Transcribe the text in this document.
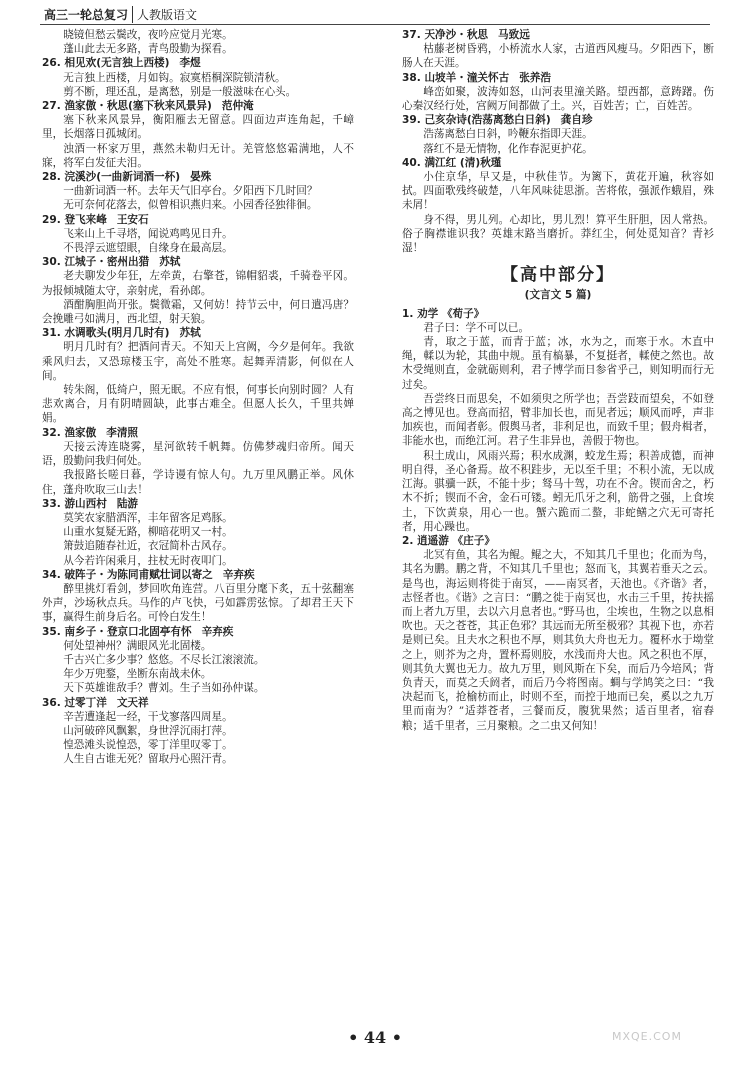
高三一轮总复习 人教版语文

晓镜但愁云鬓改，夜吟应觉月光寒。

蓬山此去无多路，青鸟殷勤为探看。

26. 相见欢(无言独上西楼) 李煜

无言独上西楼，月如钩。寂寞梧桐深院锁清秋。

剪不断，理还乱，是离愁，别是一般滋味在心头。

27. 渔家傲・秋思(塞下秋来风景异) 范仲淹

塞下秋来风景异，衡阳雁去无留意。四面边声连角起，千嶂里，长烟落日孤城闭。

浊酒一杯家万里，燕然未勒归无计。羌管悠悠霜满地，人不寐，将军白发征夫泪。

28. 浣溪沙(一曲新词酒一杯) 晏殊

一曲新词酒一杯。去年天气旧亭台。夕阳西下几时回？

无可奈何花落去，似曾相识燕归来。小园香径独徘徊。

29. 登飞来峰 王安石

飞来山上千寻塔，闻说鸡鸣见日升。

不畏浮云遮望眼，自缘身在最高层。

30. 江城子・密州出猎 苏轼

老夫聊发少年狂，左牵黄，右擎苍，锦帽貂裘，千骑卷平冈。为报倾城随太守，亲射虎，看孙郎。

酒酣胸胆尚开张。鬓微霜，又何妨！持节云中，何日遣冯唐？会挽雕弓如满月，西北望，射天狼。

31. 水调歌头(明月几时有) 苏轼

明月几时有？把酒问青天。不知天上宫阙，今夕是何年。我欲乘风归去，又恐琼楼玉宇，高处不胜寒。起舞弄清影，何似在人间。

转朱阁，低绮户，照无眠。不应有恨，何事长向别时圆？人有悲欢离合，月有阴晴圆缺，此事古难全。但愿人长久，千里共婵娟。

32. 渔家傲 李清照

天接云涛连晓雾，星河欲转千帆舞。仿佛梦魂归帝所。闻天语，殷勤问我归何处。

我报路长嗟日暮，学诗谩有惊人句。九万里风鹏正举。风休住，蓬舟吹取三山去！

33. 游山西村 陆游

莫笑农家腊酒浑，丰年留客足鸡豚。

山重水复疑无路，柳暗花明又一村。

箫鼓追随春社近，衣冠简朴古风存。

从今若许闲乘月，拄杖无时夜叩门。

34. 破阵子・为陈同甫赋壮词以寄之 辛弃疾

醉里挑灯看剑，梦回吹角连营。八百里分麾下炙，五十弦翻塞外声，沙场秋点兵。马作的卢飞快，弓如霹雳弦惊。了却君王天下事，赢得生前身后名。可怜白发生！

35. 南乡子・登京口北固亭有怀 辛弃疾

何处望神州？满眼风光北固楼。

千古兴亡多少事？悠悠。不尽长江滚滚流。

年少万兜鍪，坐断东南战未休。

天下英雄谁敌手？曹刘。生子当如孙仲谋。

36. 过零丁洋 文天祥

辛苦遭逢起一经，干戈寥落四周星。

山河破碎风飘絮，身世浮沉雨打萍。

惶恐滩头说惶恐，零丁洋里叹零丁。

人生自古谁无死？留取丹心照汗青。

37. 天净沙・秋思 马致远

枯藤老树昏鸦，小桥流水人家，古道西风瘦马。夕阳西下，断肠人在天涯。

38. 山坡羊・潼关怀古 张养浩

峰峦如聚，波涛如怒，山河表里潼关路。望西都，意踌躇。伤心秦汉经行处，宫阙万间都做了土。兴，百姓苦；亡，百姓苦。

39. 己亥杂诗(浩荡离愁白日斜) 龚自珍

浩荡离愁白日斜，吟鞭东指即天涯。

落红不是无情物，化作春泥更护花。

40. 满江红 (清)秋瑾

小住京华，早又是，中秋佳节。为篱下，黄花开遍，秋容如拭。四面歌残终破楚，八年风味徒思浙。苦将侬，强派作蛾眉，殊未屑！

身不得，男儿列。心却比，男儿烈！算平生肝胆，因人常热。俗子胸襟谁识我？英雄末路当磨折。莽红尘，何处觅知音？青衫湿！

【高中部分】
(文言文 5 篇)

1. 劝学 《荀子》

君子曰：学不可以已。

青，取之于蓝，而青于蓝；冰，水为之，而寒于水。木直中绳，輮以为轮，其曲中规。虽有槁暴，不复挺者，輮使之然也。故木受绳则直，金就砺则利，君子博学而日参省乎己，则知明而行无过矣。

吾尝终日而思矣，不如须臾之所学也；吾尝跂而望矣，不如登高之博见也。登高而招，臂非加长也，而见者远；顺风而呼，声非加疾也，而闻者彰。假舆马者，非利足也，而致千里；假舟楫者，非能水也，而绝江河。君子生非异也，善假于物也。

积土成山，风雨兴焉；积水成渊，蛟龙生焉；积善成德，而神明自得，圣心备焉。故不积跬步，无以至千里；不积小流，无以成江海。骐骥一跃，不能十步；驽马十驾，功在不舍。锲而舍之，朽木不折；锲而不舍，金石可镂。蚓无爪牙之利，筋骨之强，上食埃土，下饮黄泉，用心一也。蟹六跪而二螯，非蛇鳝之穴无可寄托者，用心躁也。

2. 逍遥游 《庄子》

北冥有鱼，其名为鲲。鲲之大，不知其几千里也；化而为鸟，其名为鹏。鹏之背，不知其几千里也；怒而飞，其翼若垂天之云。是鸟也，海运则将徙于南冥，——南冥者，天池也。《齐谐》者，志怪者也。《谐》之言曰：“鹏之徙于南冥也，水击三千里，抟扶摇而上者九万里，去以六月息者也。”野马也，尘埃也，生物之以息相吹也。天之苍苍，其正色邪？其远而无所至极邪？其视下也，亦若是则已矣。且夫水之积也不厚，则其负大舟也无力。覆杯水于坳堂之上，则芥为之舟，置杯焉则胶，水浅而舟大也。风之积也不厚，则其负大翼也无力。故九万里，则风斯在下矣，而后乃今培风；背负青天，而莫之夭阏者，而后乃今将图南。蜩与学鸠笑之曰：“我决起而飞，抢榆枋而止，时则不至，而控于地而已矣，奚以之九万里而南为？”适莽苍者，三餐而反，腹犹果然；适百里者，宿舂粮；适千里者，三月聚粮。之二虫又何知！

• 44 •	MXQE.COM
